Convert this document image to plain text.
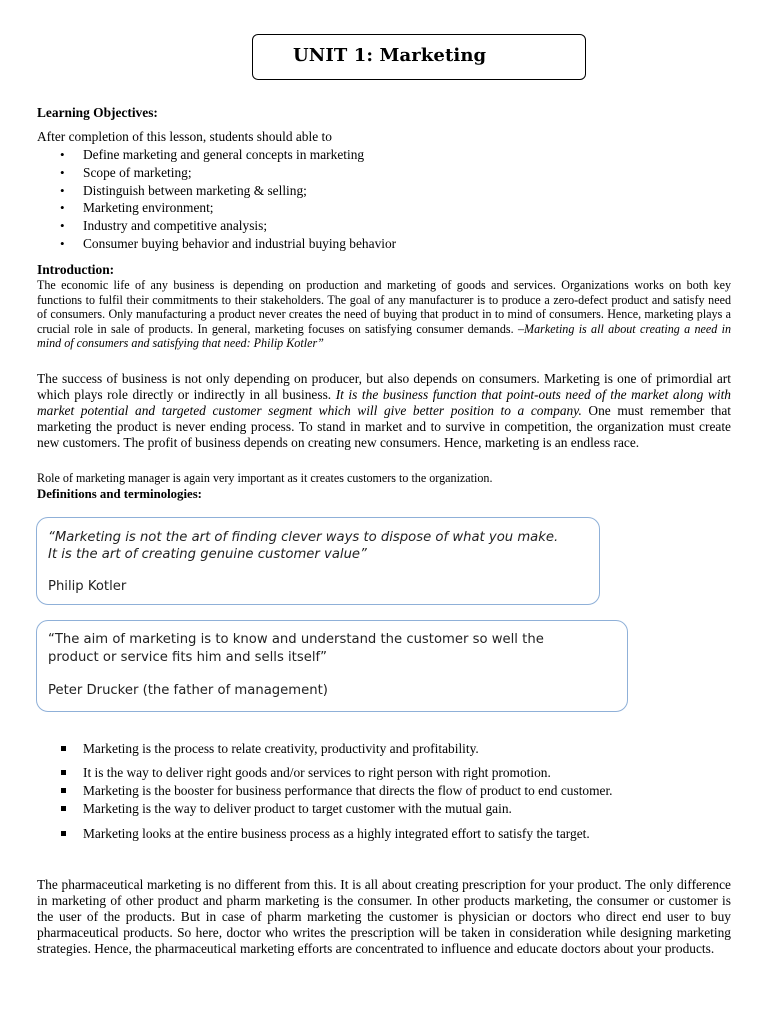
UNIT 1: Marketing
Learning Objectives:
After completion of this lesson, students should able to
• Define marketing and general concepts in marketing
• Scope of marketing;
• Distinguish between marketing & selling;
• Marketing environment;
• Industry and competitive analysis;
• Consumer buying behavior and industrial buying behavior
Introduction:
The economic life of any business is depending on production and marketing of goods and services. Organizations works on both key functions to fulfil their commitments to their stakeholders. The goal of any manufacturer is to produce a zero-defect product and satisfy need of consumers. Only manufacturing a product never creates the need of buying that product in to mind of consumers. Hence, marketing plays a crucial role in sale of products. In general, marketing focuses on satisfying consumer demands. –Marketing is all about creating a need in mind of consumers and satisfying that need: Philip Kotler”
The success of business is not only depending on producer, but also depends on consumers. Marketing is one of primordial art which plays role directly or indirectly in all business. It is the business function that point-outs need of the market along with market potential and targeted customer segment which will give better position to a company. One must remember that marketing the product is never ending process. To stand in market and to survive in competition, the organization must create new customers. The profit of business depends on creating new consumers. Hence, marketing is an endless race.
Role of marketing manager is again very important as it creates customers to the organization.
Definitions and terminologies:
“Marketing is not the art of finding clever ways to dispose of what you make.
It is the art of creating genuine customer value”
Philip Kotler
“The aim of marketing is to know and understand the customer so well the
product or service fits him and sells itself”
Peter Drucker (the father of management)
Marketing is the process to relate creativity, productivity and profitability.
It is the way to deliver right goods and/or services to right person with right promotion.
Marketing is the booster for business performance that directs the flow of product to end customer.
Marketing is the way to deliver product to target customer with the mutual gain.
Marketing looks at the entire business process as a highly integrated effort to satisfy the target.
The pharmaceutical marketing is no different from this. It is all about creating prescription for your product. The only difference in marketing of other product and pharm marketing is the consumer. In other products marketing, the consumer or customer is the user of the products. But in case of pharm marketing the customer is physician or doctors who direct end user to buy pharmaceutical products. So here, doctor who writes the prescription will be taken in consideration while designing marketing strategies. Hence, the pharmaceutical marketing efforts are concentrated to influence and educate doctors about your products.
